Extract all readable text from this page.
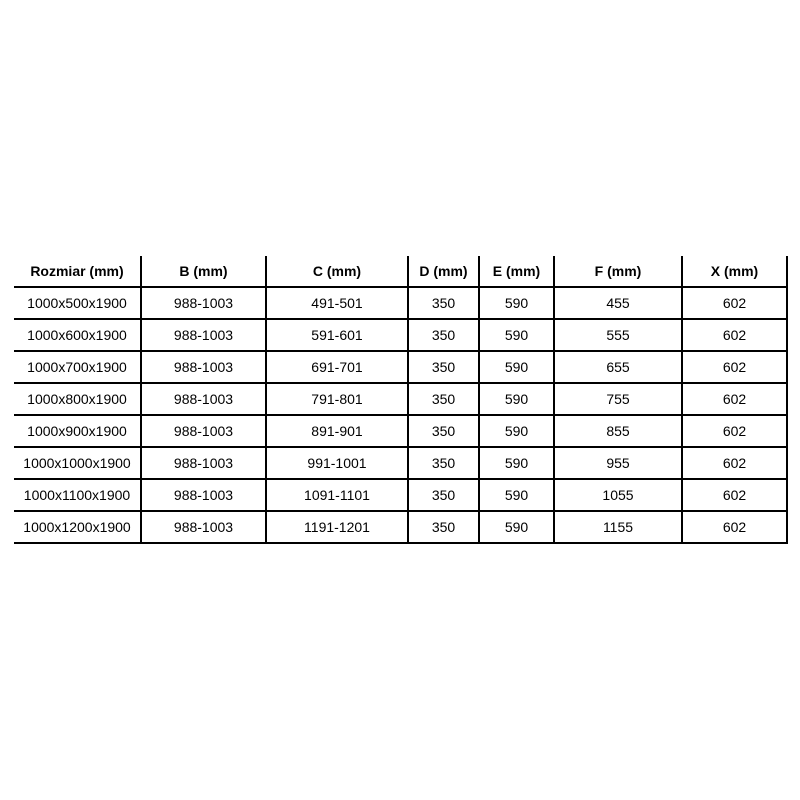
Rozmiar (mm)	B (mm)	C (mm)	D (mm)	E (mm)	F (mm)	X (mm)
1000x500x1900	988-1003	491-501	350	590	455	602
1000x600x1900	988-1003	591-601	350	590	555	602
1000x700x1900	988-1003	691-701	350	590	655	602
1000x800x1900	988-1003	791-801	350	590	755	602
1000x900x1900	988-1003	891-901	350	590	855	602
1000x1000x1900	988-1003	991-1001	350	590	955	602
1000x1100x1900	988-1003	1091-1101	350	590	1055	602
1000x1200x1900	988-1003	1191-1201	350	590	1155	602
